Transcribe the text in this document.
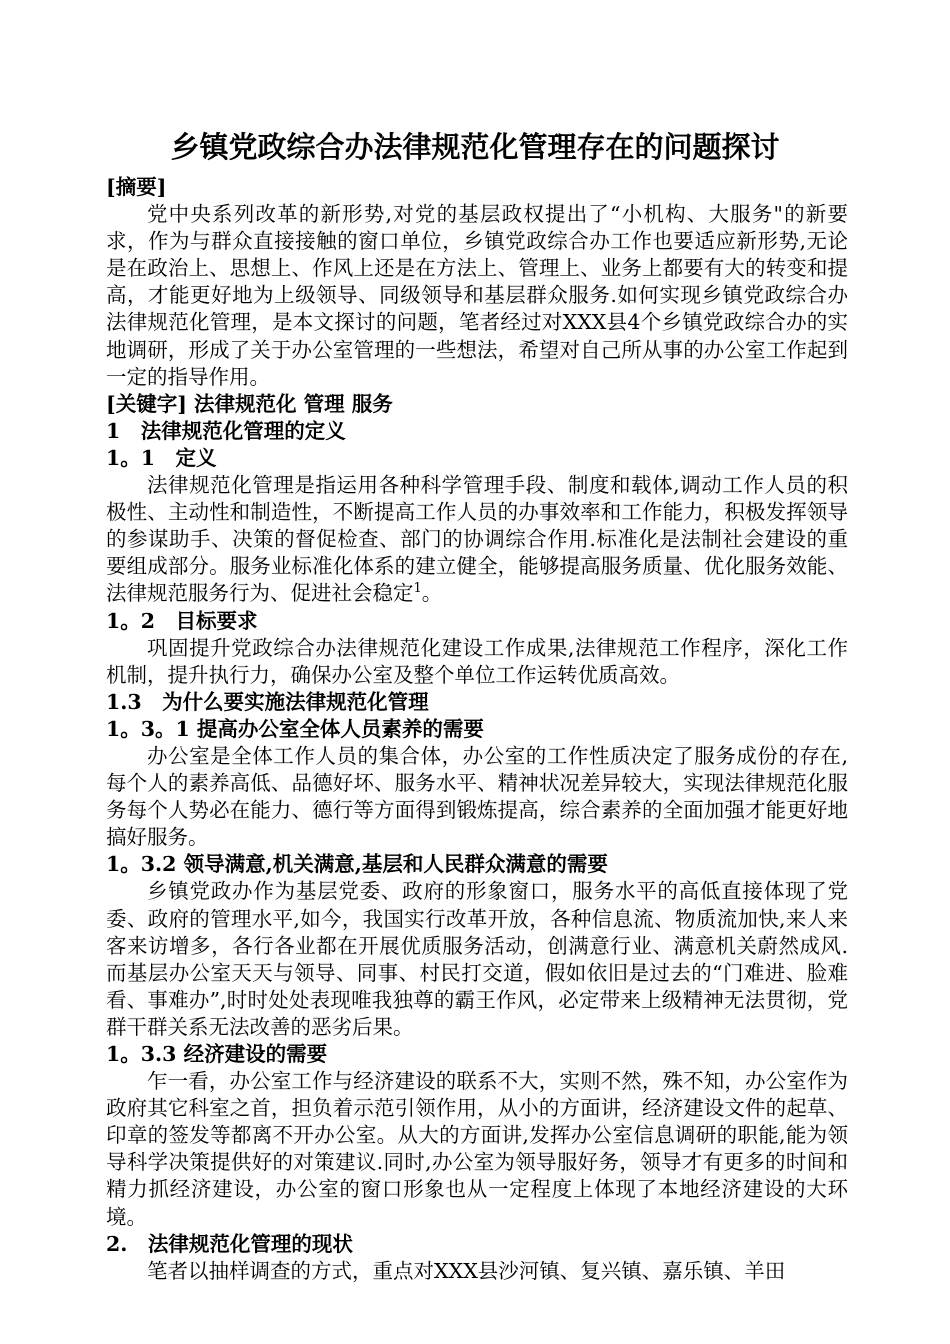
乡镇党政综合办法律规范化管理存在的问题探讨

[摘要]

党中央系列改革的新形势,对党的基层政权提出了“小机构、大服务"的新要求，作为与群众直接接触的窗口单位，乡镇党政综合办工作也要适应新形势,无论是在政治上、思想上、作风上还是在方法上、管理上、业务上都要有大的转变和提高，才能更好地为上级领导、同级领导和基层群众服务.如何实现乡镇党政综合办法律规范化管理，是本文探讨的问题，笔者经过对XXX县4个乡镇党政综合办的实地调研，形成了关于办公室管理的一些想法，希望对自己所从事的办公室工作起到一定的指导作用。

[关键字] 法律规范化 管理 服务

1　法律规范化管理的定义

1。1　定义

法律规范化管理是指运用各种科学管理手段、制度和载体,调动工作人员的积极性、主动性和制造性，不断提高工作人员的办事效率和工作能力，积极发挥领导的参谋助手、决策的督促检查、部门的协调综合作用.标准化是法制社会建设的重要组成部分。服务业标准化体系的建立健全，能够提高服务质量、优化服务效能、法律规范服务行为、促进社会稳定$^1$。

1。2　目标要求

巩固提升党政综合办法律规范化建设工作成果,法律规范工作程序，深化工作机制，提升执行力，确保办公室及整个单位工作运转优质高效。

1.3　为什么要实施法律规范化管理

1。3。1 提高办公室全体人员素养的需要

办公室是全体工作人员的集合体，办公室的工作性质决定了服务成份的存在,每个人的素养高低、品德好坏、服务水平、精神状况差异较大，实现法律规范化服务每个人势必在能力、德行等方面得到锻炼提高，综合素养的全面加强才能更好地搞好服务。

1。3.2 领导满意,机关满意,基层和人民群众满意的需要

乡镇党政办作为基层党委、政府的形象窗口，服务水平的高低直接体现了党委、政府的管理水平,如今，我国实行改革开放，各种信息流、物质流加快,来人来客来访增多，各行各业都在开展优质服务活动，创满意行业、满意机关蔚然成风.而基层办公室天天与领导、同事、村民打交道，假如依旧是过去的“门难进、脸难看、事难办”,时时处处表现唯我独尊的霸王作风，必定带来上级精神无法贯彻，党群干群关系无法改善的恶劣后果。

1。3.3 经济建设的需要

乍一看，办公室工作与经济建设的联系不大，实则不然，殊不知，办公室作为政府其它科室之首，担负着示范引领作用，从小的方面讲，经济建设文件的起草、印章的签发等都离不开办公室。从大的方面讲,发挥办公室信息调研的职能,能为领导科学决策提供好的对策建议.同时,办公室为领导服好务，领导才有更多的时间和精力抓经济建设，办公室的窗口形象也从一定程度上体现了本地经济建设的大环境。

2.　法律规范化管理的现状

笔者以抽样调查的方式，重点对XXX县沙河镇、复兴镇、嘉乐镇、羊田
